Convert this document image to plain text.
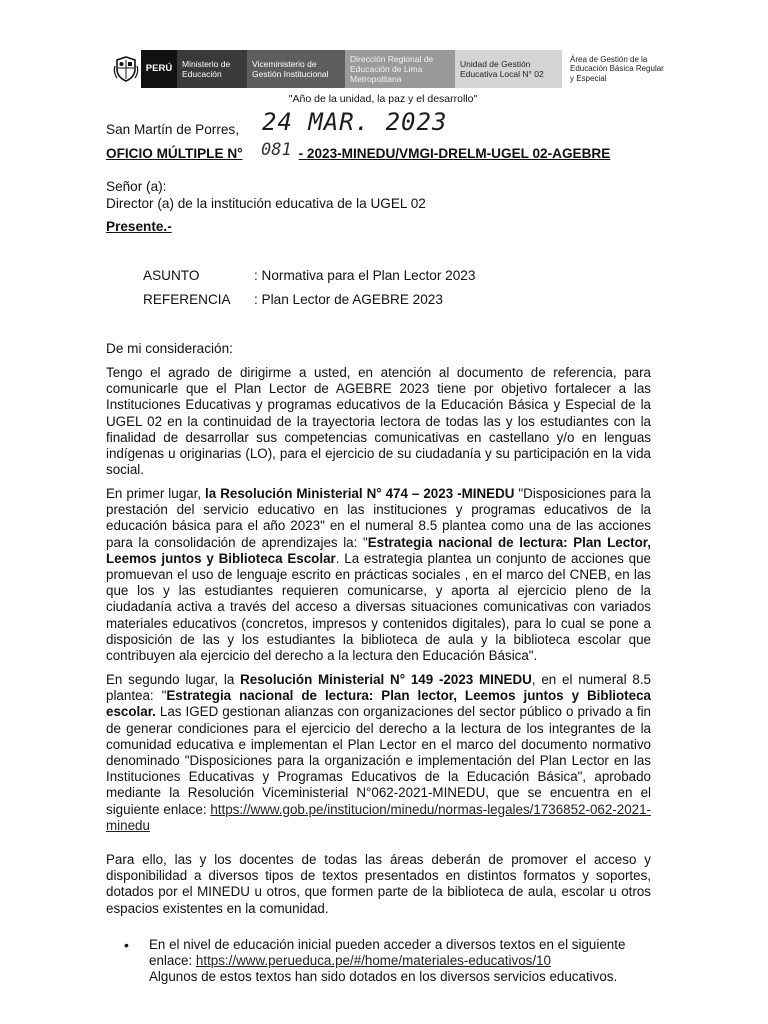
PERÚ	Ministerio de Educación
Viceministerio de Gestión Institucional
Dirección Regional de Educación de Lima Metropolitana
Unidad de Gestión Educativa Local N° 02
Área de Gestión de la Educación Básica Regular y Especial
"Año de la unidad, la paz y el desarrollo"
San Martín de Porres, 24 MAR. 2023
OFICIO MÚLTIPLE N°	- 2023-MINEDU/VMGI-DRELM-UGEL 02-AGEBRE
081
Señor (a):
Director (a) de la institución educativa de la UGEL 02
Presente.-
ASUNTO	: Normativa para el Plan Lector 2023
REFERENCIA : Plan Lector de AGEBRE 2023
De mi consideración:
Tengo el agrado de dirigirme a usted, en atención al documento de referencia, para comunicarle que el Plan Lector de AGEBRE 2023 tiene por objetivo fortalecer a las Instituciones Educativas y programas educativos de la Educación Básica y Especial de la UGEL 02 en la continuidad de la trayectoria lectora de todas las y los estudiantes con la finalidad de desarrollar sus competencias comunicativas en castellano y/o en lenguas indígenas u originarias (LO), para el ejercicio de su ciudadanía y su participación en la vida social.
En primer lugar, la Resolución Ministerial N° 474 – 2023 -MINEDU "Disposiciones para la prestación del servicio educativo en las instituciones y programas educativos de la educación básica para el año 2023" en el numeral 8.5 plantea como una de las acciones para la consolidación de aprendizajes la: "Estrategia nacional de lectura: Plan Lector, Leemos juntos y Biblioteca Escolar. La estrategia plantea un conjunto de acciones que promuevan el uso de lenguaje escrito en prácticas sociales , en el marco del CNEB, en las que los y las estudiantes requieren comunicarse, y aporta al ejercicio pleno de la ciudadanía activa a través del acceso a diversas situaciones comunicativas con variados materiales educativos (concretos, impresos y contenidos digitales), para lo cual se pone a disposición de las y los estudiantes la biblioteca de aula y la biblioteca escolar que contribuyen ala ejercicio del derecho a la lectura den Educación Básica".
En segundo lugar, la Resolución Ministerial N° 149 -2023 MINEDU, en el numeral 8.5 plantea: "Estrategia nacional de lectura: Plan lector, Leemos juntos y Biblioteca escolar. Las IGED gestionan alianzas con organizaciones del sector público o privado a fin de generar condiciones para el ejercicio del derecho a la lectura de los integrantes de la comunidad educativa e implementan el Plan Lector en el marco del documento normativo denominado "Disposiciones para la organización e implementación del Plan Lector en las Instituciones Educativas y Programas Educativos de la Educación Básica", aprobado mediante la Resolución Viceministerial N°062-2021-MINEDU, que se encuentra en el siguiente enlace: https://www.gob.pe/institucion/minedu/normas-legales/1736852-062-2021-minedu
Para ello, las y los docentes de todas las áreas deberán de promover el acceso y disponibilidad a diversos tipos de textos presentados en distintos formatos y soportes, dotados por el MINEDU u otros, que formen parte de la biblioteca de aula, escolar u otros espacios existentes en la comunidad.
• En el nivel de educación inicial pueden acceder a diversos textos en el siguiente enlace: https://www.perueduca.pe/#/home/materiales-educativos/10
Algunos de estos textos han sido dotados en los diversos servicios educativos.
